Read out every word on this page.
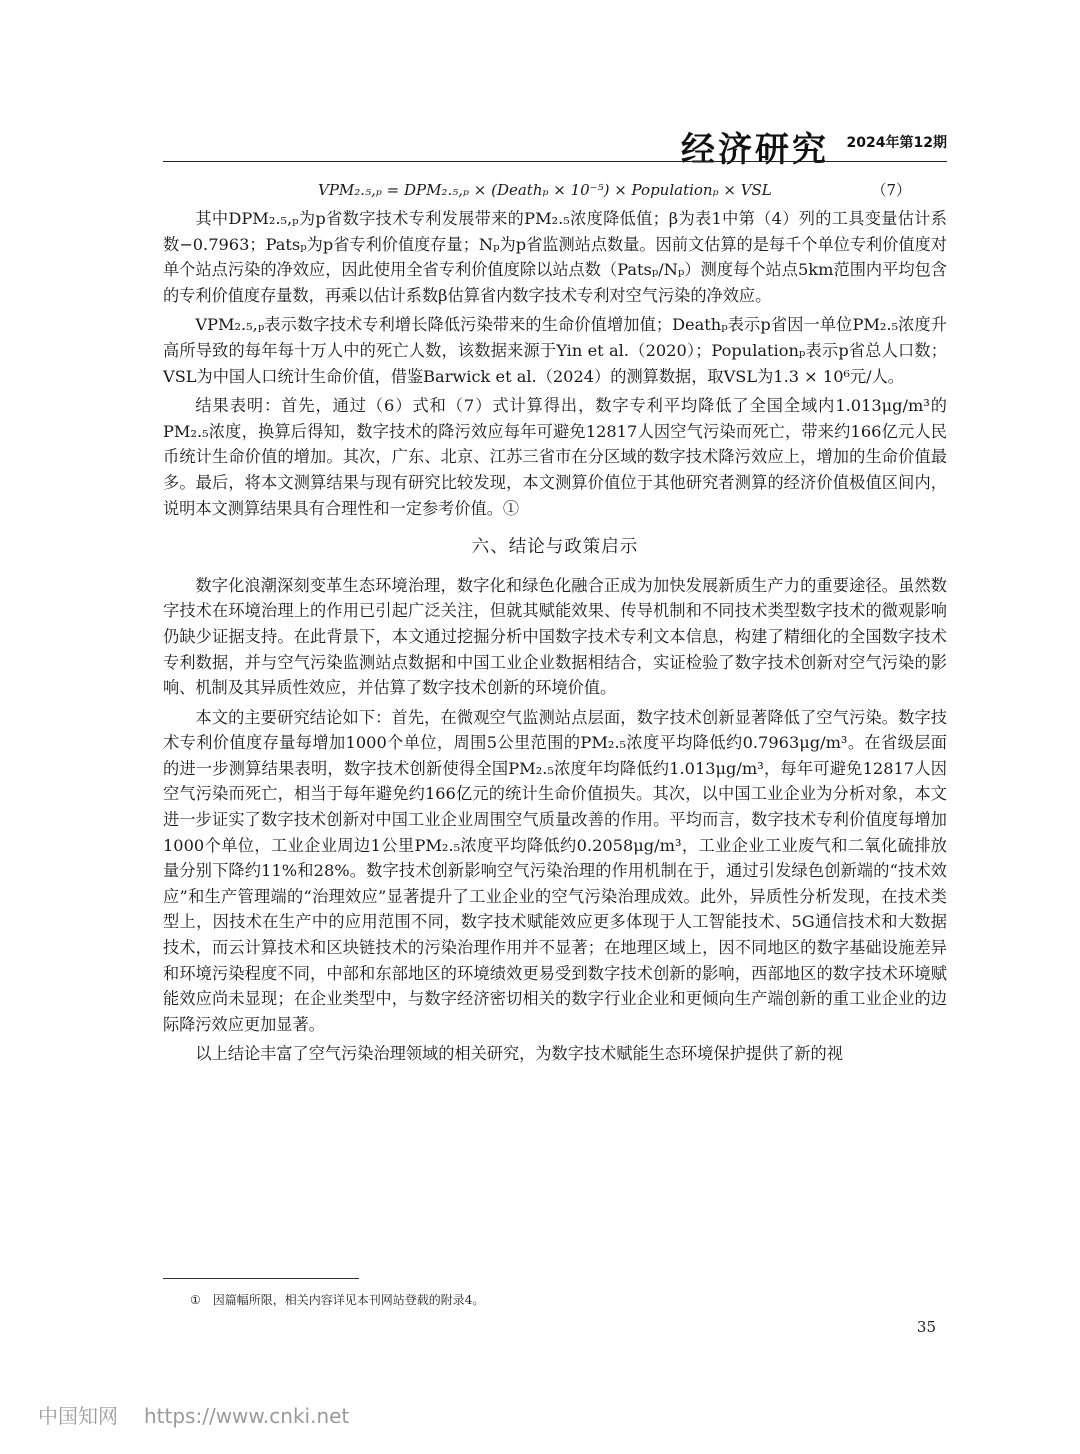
经济研究 2024年第12期
VPM₂.₅,ₚ = DPM₂.₅,ₚ × (Deathₚ × 10⁻⁵) × Populationₚ × VSL	（7）

其中DPM₂.₅,ₚ为p省数字技术专利发展带来的PM₂.₅浓度降低值；β为表1中第（4）列的工具变量估计系数−0.7963；Patsₚ为p省专利价值度存量；Nₚ为p省监测站点数量。因前文估算的是每千个单位专利价值度对单个站点污染的净效应，因此使用全省专利价值度除以站点数（Patsₚ/Nₚ）测度每个站点5km范围内平均包含的专利价值度存量数，再乘以估计系数β估算省内数字技术专利对空气污染的净效应。

VPM₂.₅,ₚ表示数字技术专利增长降低污染带来的生命价值增加值；Deathₚ表示p省因一单位PM₂.₅浓度升高所导致的每年每十万人中的死亡人数，该数据来源于Yin et al.（2020）；Populationₚ表示p省总人口数；VSL为中国人口统计生命价值，借鉴Barwick et al.（2024）的测算数据，取VSL为1.3 × 10⁶元/人。

结果表明：首先，通过（6）式和（7）式计算得出，数字专利平均降低了全国全域内1.013μg/m³的PM₂.₅浓度，换算后得知，数字技术的降污效应每年可避免12817人因空气污染而死亡，带来约166亿元人民币统计生命价值的增加。其次，广东、北京、江苏三省市在分区域的数字技术降污效应上，增加的生命价值最多。最后，将本文测算结果与现有研究比较发现，本文测算价值位于其他研究者测算的经济价值极值区间内，说明本文测算结果具有合理性和一定参考价值。①

六、结论与政策启示

数字化浪潮深刻变革生态环境治理，数字化和绿色化融合正成为加快发展新质生产力的重要途径。虽然数字技术在环境治理上的作用已引起广泛关注，但就其赋能效果、传导机制和不同技术类型数字技术的微观影响仍缺少证据支持。在此背景下，本文通过挖掘分析中国数字技术专利文本信息，构建了精细化的全国数字技术专利数据，并与空气污染监测站点数据和中国工业企业数据相结合，实证检验了数字技术创新对空气污染的影响、机制及其异质性效应，并估算了数字技术创新的环境价值。

本文的主要研究结论如下：首先，在微观空气监测站点层面，数字技术创新显著降低了空气污染。数字技术专利价值度存量每增加1000个单位，周围5公里范围的PM₂.₅浓度平均降低约0.7963μg/m³。在省级层面的进一步测算结果表明，数字技术创新使得全国PM₂.₅浓度年均降低约1.013μg/m³，每年可避免12817人因空气污染而死亡，相当于每年避免约166亿元的统计生命价值损失。其次，以中国工业企业为分析对象，本文进一步证实了数字技术创新对中国工业企业周围空气质量改善的作用。平均而言，数字技术专利价值度每增加1000个单位，工业企业周边1公里PM₂.₅浓度平均降低约0.2058μg/m³，工业企业工业废气和二氧化硫排放量分别下降约11%和28%。数字技术创新影响空气污染治理的作用机制在于，通过引发绿色创新端的“技术效应”和生产管理端的“治理效应”显著提升了工业企业的空气污染治理成效。此外，异质性分析发现，在技术类型上，因技术在生产中的应用范围不同，数字技术赋能效应更多体现于人工智能技术、5G通信技术和大数据技术，而云计算技术和区块链技术的污染治理作用并不显著；在地理区域上，因不同地区的数字基础设施差异和环境污染程度不同，中部和东部地区的环境绩效更易受到数字技术创新的影响，西部地区的数字技术环境赋能效应尚未显现；在企业类型中，与数字经济密切相关的数字行业企业和更倾向生产端创新的重工业企业的边际降污效应更加显著。

以上结论丰富了空气污染治理领域的相关研究，为数字技术赋能生态环境保护提供了新的视

① 因篇幅所限，相关内容详见本刊网站登载的附录4。
35
中国知网 https://www.cnki.net
